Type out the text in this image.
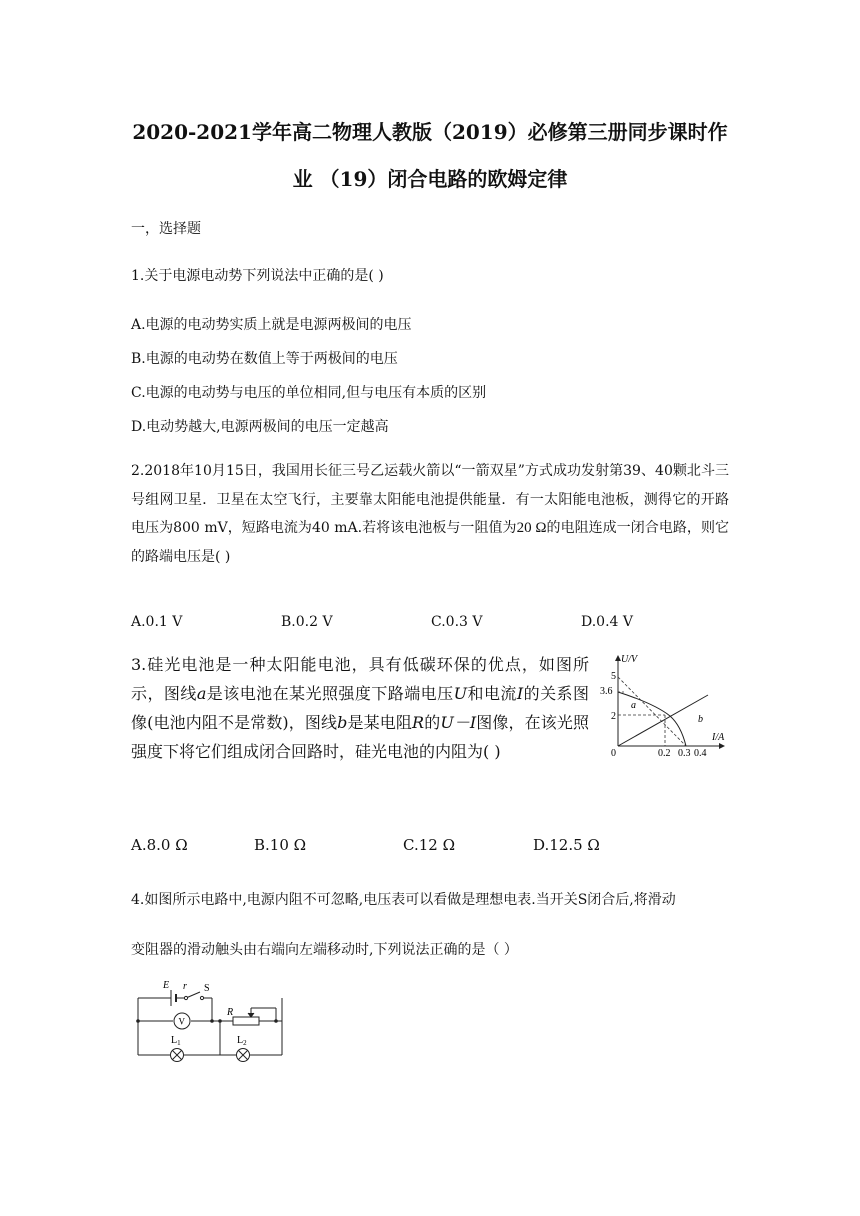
2020-2021学年高二物理人教版（2019）必修第三册同步课时作
业 （19）闭合电路的欧姆定律
一，选择题
1.关于电源电动势下列说法中正确的是( )
A.电源的电动势实质上就是电源两极间的电压
B.电源的电动势在数值上等于两极间的电压
C.电源的电动势与电压的单位相同,但与电压有本质的区别
D.电动势越大,电源两极间的电压一定越高
2.2018年10月15日，我国用长征三号乙运载火箭以“一箭双星”方式成功发射第39、40颗北斗三号组网卫星．卫星在太空飞行，主要靠太阳能电池提供能量．有一太阳能电池板，测得它的开路电压为800 mV，短路电流为40 mA.若将该电池板与一阻值为20 Ω的电阻连成一闭合电路，则它的路端电压是( )
A.0.1 V	B.0.2 V	C.0.3 V	D.0.4 V
3.硅光电池是一种太阳能电池，具有低碳环保的优点，如图所示，图线a是该电池在某光照强度下路端电压U和电流I的关系图像(电池内阻不是常数)，图线b是某电阻R的U－I图像，在该光照强度下将它们组成闭合回路时，硅光电池的内阻为( )
U/V
I/A
0
5
3.6
2
0.2 0.3 0.4
a
b
A.8.0 Ω	B.10 Ω	C.12 Ω	D.12.5 Ω
4.如图所示电路中,电源内阻不可忽略,电压表可以看做是理想电表.当开关S闭合后,将滑动
变阻器的滑动触头由右端向左端移动时,下列说法正确的是（ ）
E r S
V
R
$L_1$	$L_2$
